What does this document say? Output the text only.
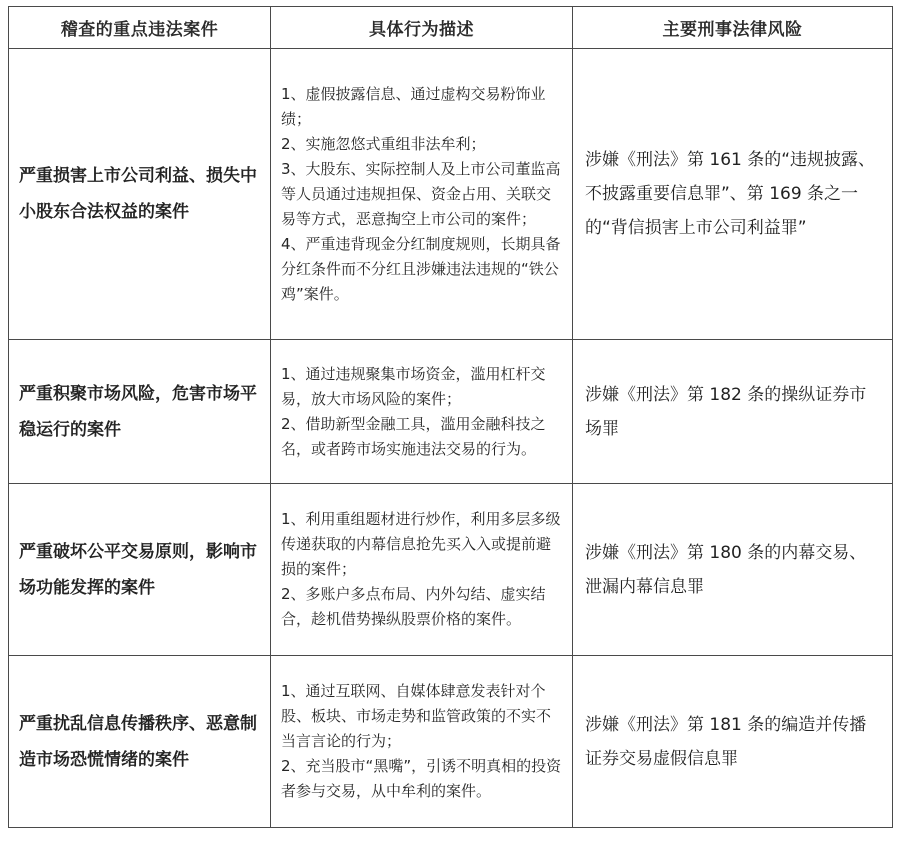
稽查的重点违法案件	具体行为描述	主要刑事法律风险
严重损害上市公司利益、损失中小股东合法权益的案件	1、虚假披露信息、通过虚构交易粉饰业绩；
2、实施忽悠式重组非法牟利；
3、大股东、实际控制人及上市公司董监高等人员通过违规担保、资金占用、关联交易等方式，恶意掏空上市公司的案件；
4、严重违背现金分红制度规则，长期具备分红条件而不分红且涉嫌违法违规的“铁公鸡”案件。	涉嫌《刑法》第 161 条的“违规披露、不披露重要信息罪”、第 169 条之一的“背信损害上市公司利益罪”
严重积聚市场风险，危害市场平稳运行的案件	1、通过违规聚集市场资金，滥用杠杆交易，放大市场风险的案件；
2、借助新型金融工具，滥用金融科技之名，或者跨市场实施违法交易的行为。	涉嫌《刑法》第 182 条的操纵证券市场罪
严重破坏公平交易原则，影响市场功能发挥的案件	1、利用重组题材进行炒作，利用多层多级传递获取的内幕信息抢先买入入或提前避损的案件；
2、多账户多点布局、内外勾结、虚实结合，趁机借势操纵股票价格的案件。	涉嫌《刑法》第 180 条的内幕交易、泄漏内幕信息罪
严重扰乱信息传播秩序、恶意制造市场恐慌情绪的案件	1、通过互联网、自媒体肆意发表针对个股、板块、市场走势和监管政策的不实不当言言论的行为；
2、充当股市“黑嘴”，引诱不明真相的投资者参与交易，从中牟利的案件。	涉嫌《刑法》第 181 条的编造并传播证券交易虚假信息罪
